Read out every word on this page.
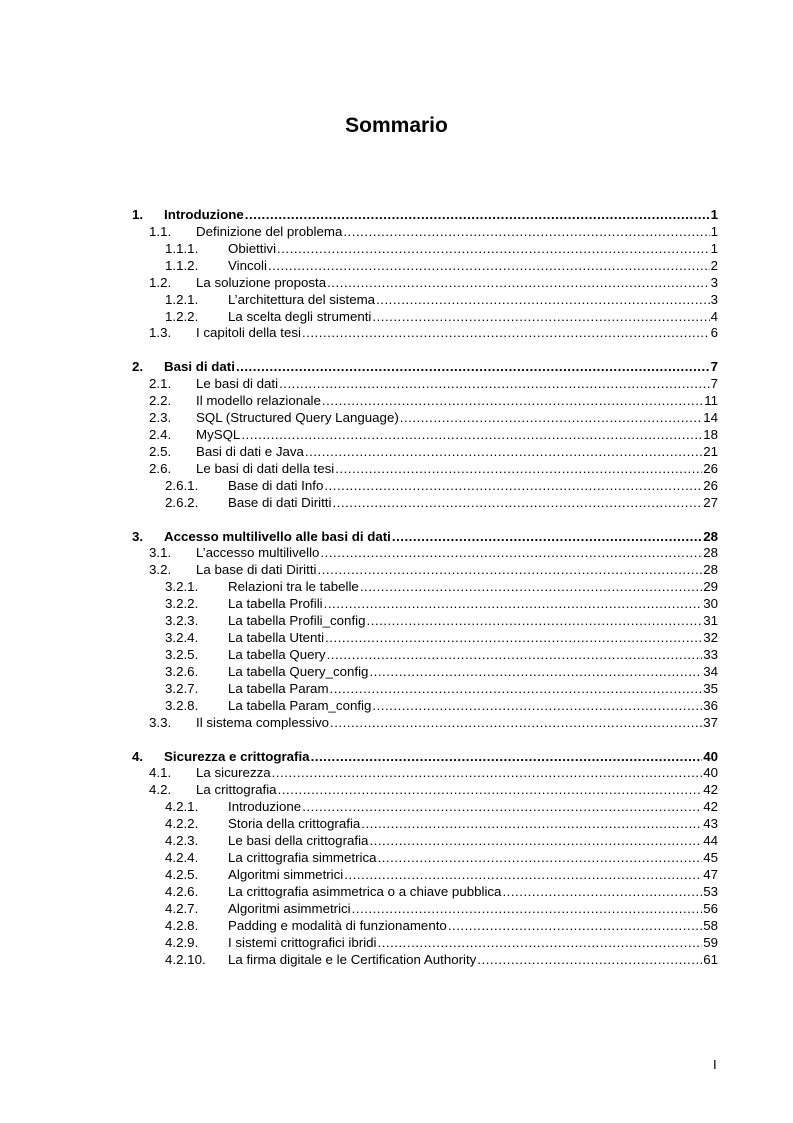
Sommario
1.	Introduzione .....	1
1.1.	Definizione del problema .....	1
1.1.1.	Obiettivi .....	1
1.1.2.	Vincoli .....	2
1.2.	La soluzione proposta .....	3
1.2.1.	L’architettura del sistema .....	3
1.2.2.	La scelta degli strumenti .....	4
1.3.	I capitoli della tesi .....	6
2.	Basi di dati .....	7
2.1.	Le basi di dati .....	7
2.2.	Il modello relazionale .....	11
2.3.	SQL (Structured Query Language) .....	14
2.4.	MySQL .....	18
2.5.	Basi di dati e Java .....	21
2.6.	Le basi di dati della tesi .....	26
2.6.1.	Base di dati Info .....	26
2.6.2.	Base di dati Diritti .....	27
3.	Accesso multilivello alle basi di dati .....	28
3.1.	L’accesso multilivello .....	28
3.2.	La base di dati Diritti .....	28
3.2.1.	Relazioni tra le tabelle .....	29
3.2.2.	La tabella Profili .....	30
3.2.3.	La tabella Profili_config .....	31
3.2.4.	La tabella Utenti .....	32
3.2.5.	La tabella Query .....	33
3.2.6.	La tabella Query_config .....	34
3.2.7.	La tabella Param .....	35
3.2.8.	La tabella Param_config .....	36
3.3.	Il sistema complessivo .....	37
4.	Sicurezza e crittografia .....	40
4.1.	La sicurezza .....	40
4.2.	La crittografia .....	42
4.2.1.	Introduzione .....	42
4.2.2.	Storia della crittografia .....	43
4.2.3.	Le basi della crittografia .....	44
4.2.4.	La crittografia simmetrica .....	45
4.2.5.	Algoritmi simmetrici .....	47
4.2.6.	La crittografia asimmetrica o a chiave pubblica .....	53
4.2.7.	Algoritmi asimmetrici .....	56
4.2.8.	Padding e modalità di funzionamento .....	58
4.2.9.	I sistemi crittografici ibridi .....	59
4.2.10.	La firma digitale e le Certification Authority .....	61
I
